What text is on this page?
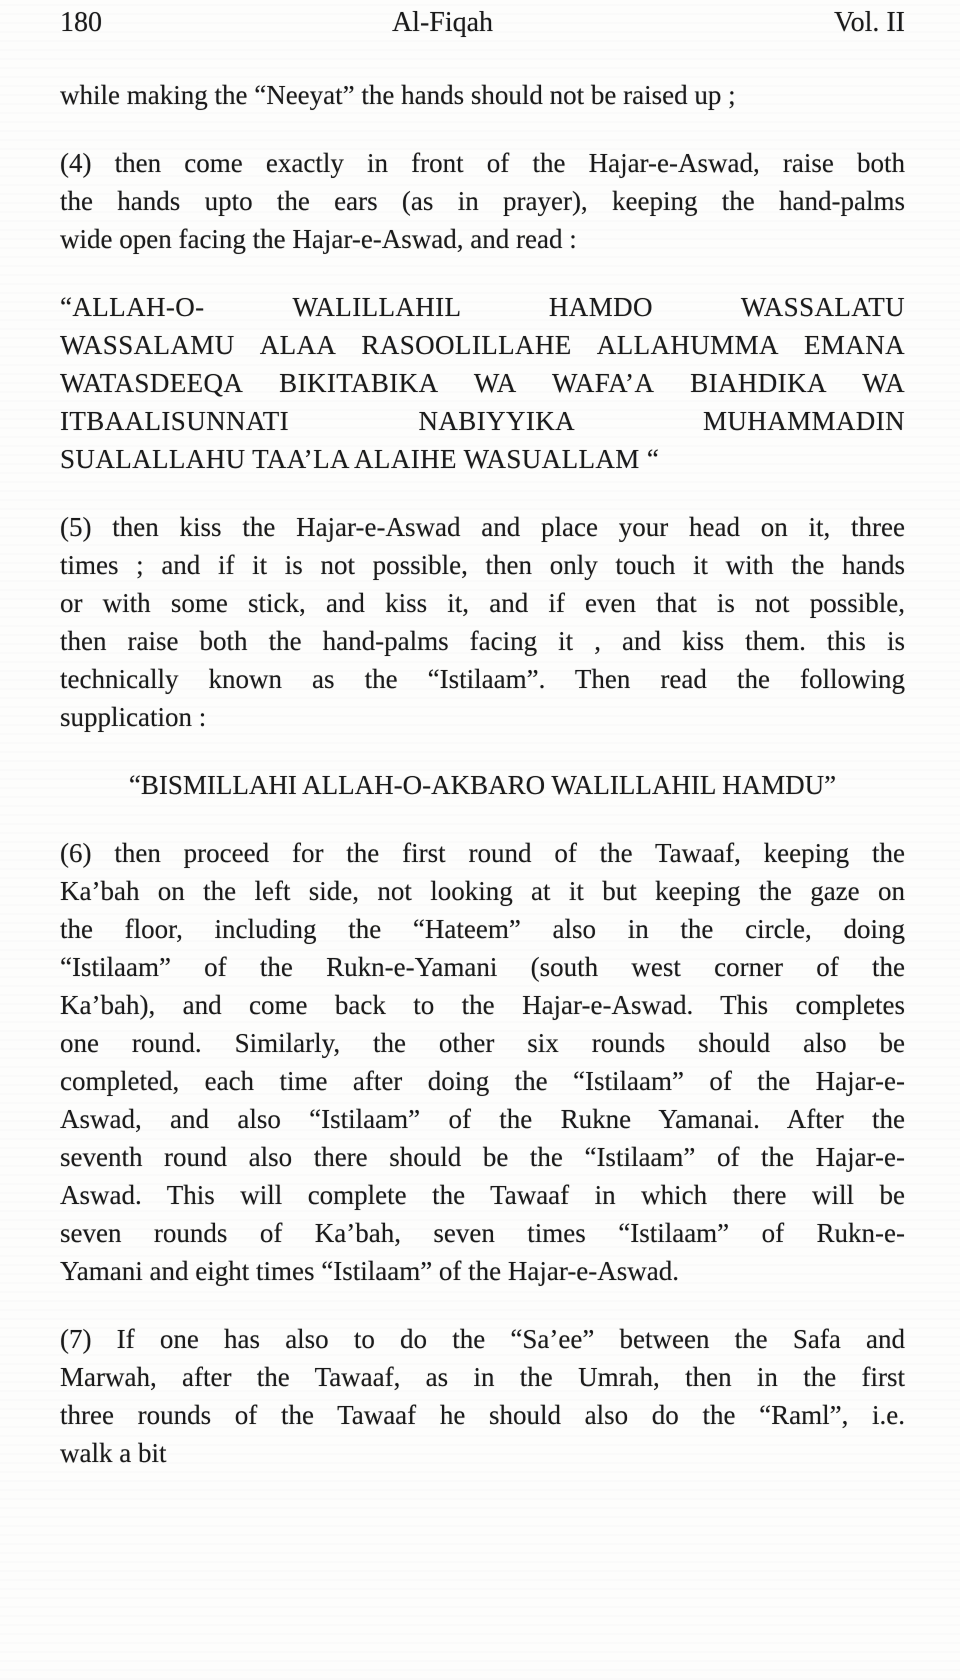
180	Al-Fiqah	Vol. II
while making the “Neeyat” the hands should not be raised up ;
(4) then come exactly in front of the Hajar-e-Aswad, raise both
the hands upto the ears (as in prayer), keeping the hand-palms
wide open facing the Hajar-e-Aswad, and read :
“ALLAH-O- WALILLAHIL HAMDO WASSALATU
WASSALAMU ALAA RASOOLILLAHE ALLAHUMMA EMANA
WATASDEEQA BIKITABIKA WA WAFA’A BIAHDIKA WA
ITBAALISUNNATI NABIYYIKA MUHAMMADIN
SUALALLAHU TAA’LA ALAIHE WASUALLAM “
(5) then kiss the Hajar-e-Aswad and place your head on it, three
times ; and if it is not possible, then only touch it with the hands
or with some stick, and kiss it, and if even that is not possible,
then raise both the hand-palms facing it , and kiss them. this is
technically known as the “Istilaam”. Then read the following
supplication :
“BISMILLAHI ALLAH-O-AKBARO WALILLAHIL HAMDU”
(6) then proceed for the first round of the Tawaaf, keeping the
Ka’bah on the left side, not looking at it but keeping the gaze on
the floor, including the “Hateem” also in the circle, doing
“Istilaam” of the Rukn-e-Yamani (south west corner of the
Ka’bah), and come back to the Hajar-e-Aswad. This completes
one round. Similarly, the other six rounds should also be
completed, each time after doing the “Istilaam” of the Hajar-e-
Aswad, and also “Istilaam” of the Rukne Yamanai. After the
seventh round also there should be the “Istilaam” of the Hajar-e-
Aswad. This will complete the Tawaaf in which there will be
seven rounds of Ka’bah, seven times “Istilaam” of Rukn-e-
Yamani and eight times “Istilaam” of the Hajar-e-Aswad.
(7) If one has also to do the “Sa’ee” between the Safa and
Marwah, after the Tawaaf, as in the Umrah, then in the first
three rounds of the Tawaaf he should also do the “Raml”, i.e.
walk a bit
